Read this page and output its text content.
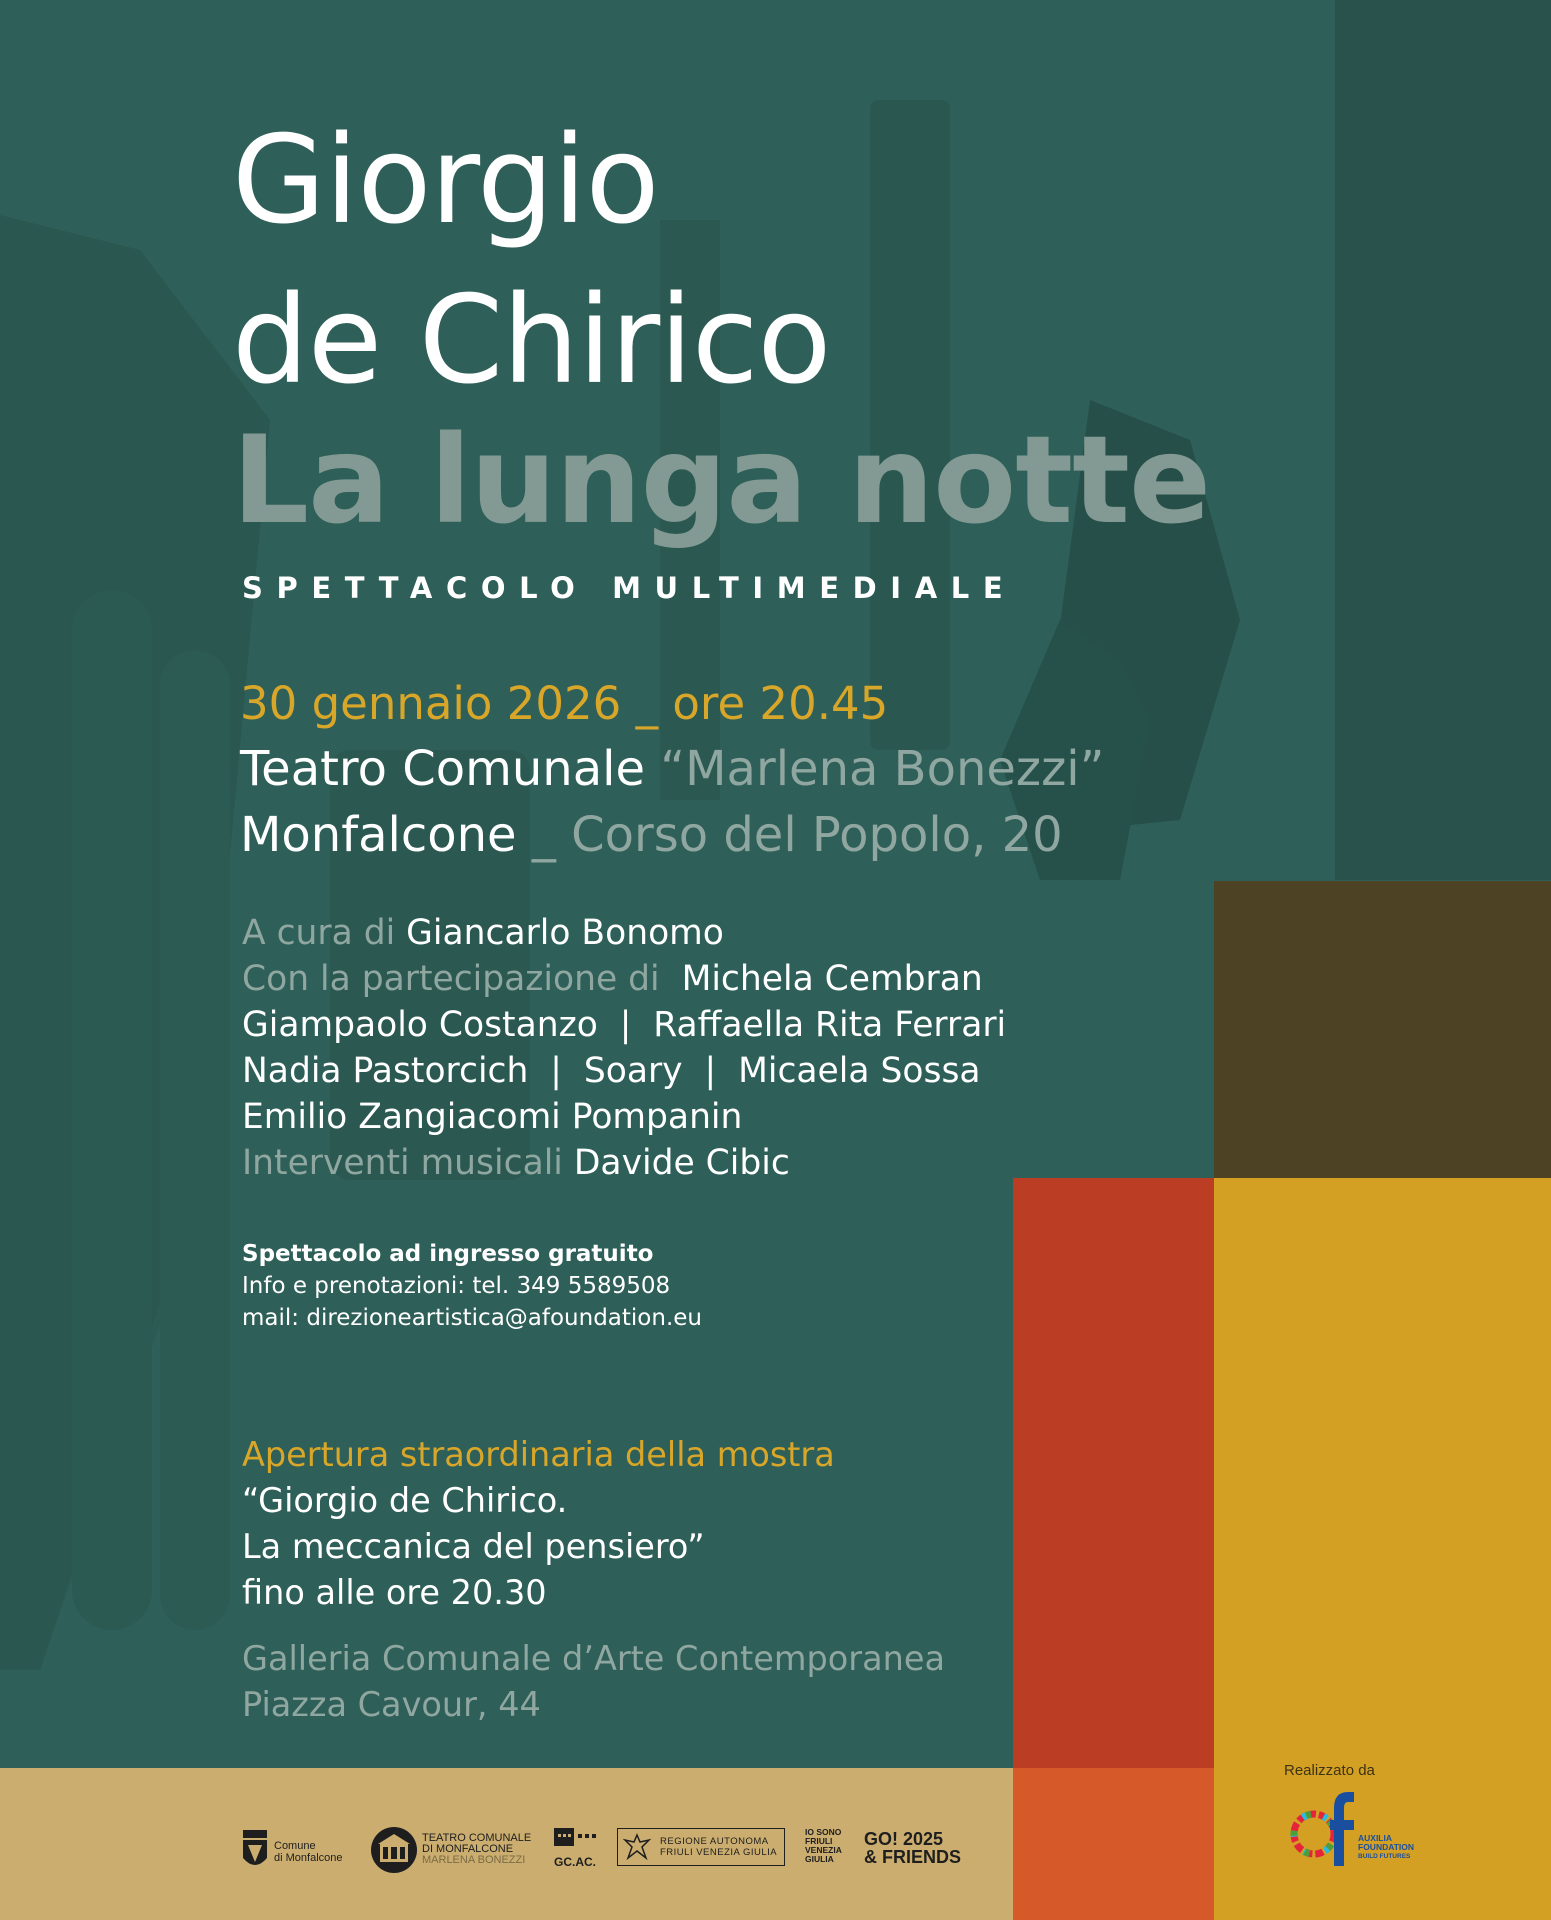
Giorgio
de Chirico
La lunga notte
SPETTACOLO MULTIMEDIALE
30 gennaio 2026 _ ore 20.45
Teatro Comunale “Marlena Bonezzi”
Monfalcone _ Corso del Popolo, 20
A cura di Giancarlo Bonomo
Con la partecipazione di Michela Cembran
Giampaolo Costanzo  |  Raffaella Rita Ferrari
Nadia Pastorcich  |  Soary  |  Micaela Sossa
Emilio Zangiacomi Pompanin
Interventi musicali Davide Cibic
Spettacolo ad ingresso gratuito
Info e prenotazioni: tel. 349 5589508
mail: direzioneartistica@afoundation.eu
Apertura straordinaria della mostra
“Giorgio de Chirico.
La meccanica del pensiero”
fino alle ore 20.30
Galleria Comunale d’Arte Contemporanea
Piazza Cavour, 44
Comune
di Monfalcone
TEATRO COMUNALE
DI MONFALCONE
MARLENA BONEZZI	GC.AC.
REGIONE AUTONOMA
FRIULI VENEZIA GIULIA
IO SONO
FRIULI
VENEZIA
GIULIA
GO! 2025
& FRIENDS
Realizzato da
AUXILIA
FOUNDATION
BUILD FUTURES
